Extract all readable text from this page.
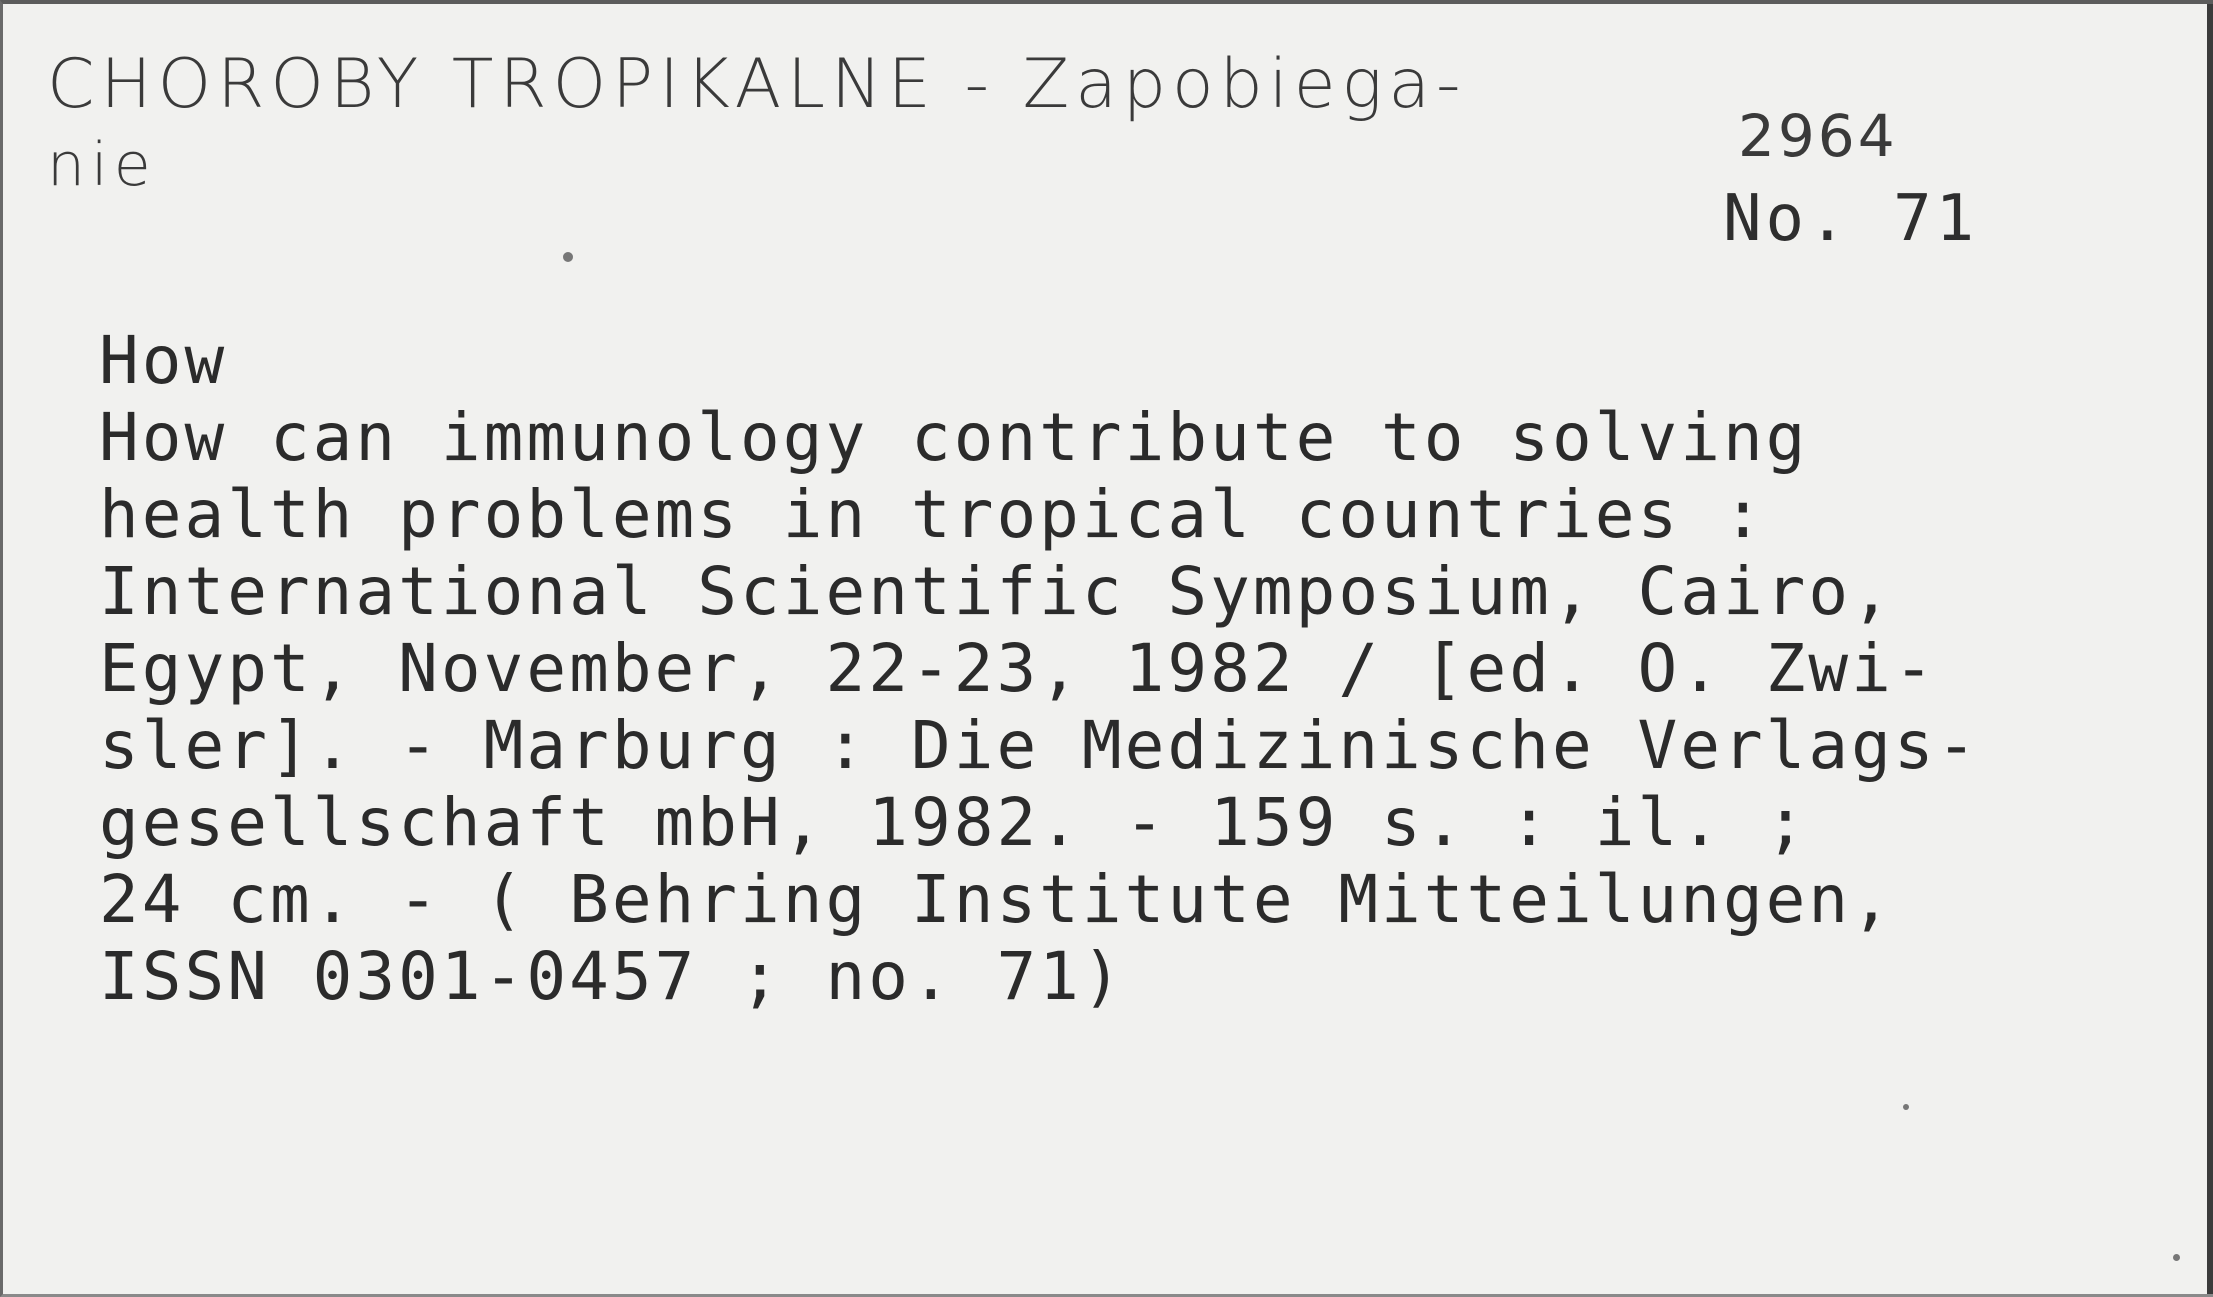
CHOROBY TROPIKALNE - Zapobiega-
nie	2964
No. 71
How
How can immunology contribute to solving
health problems in tropical countries :
International Scientific Symposium, Cairo,
Egypt, November, 22-23, 1982 / [ed. O. Zwi-
sler]. - Marburg : Die Medizinische Verlags-
gesellschaft mbH, 1982. - 159 s. : il. ;
24 cm. - ( Behring Institute Mitteilungen,
ISSN 0301-0457 ; no. 71)
